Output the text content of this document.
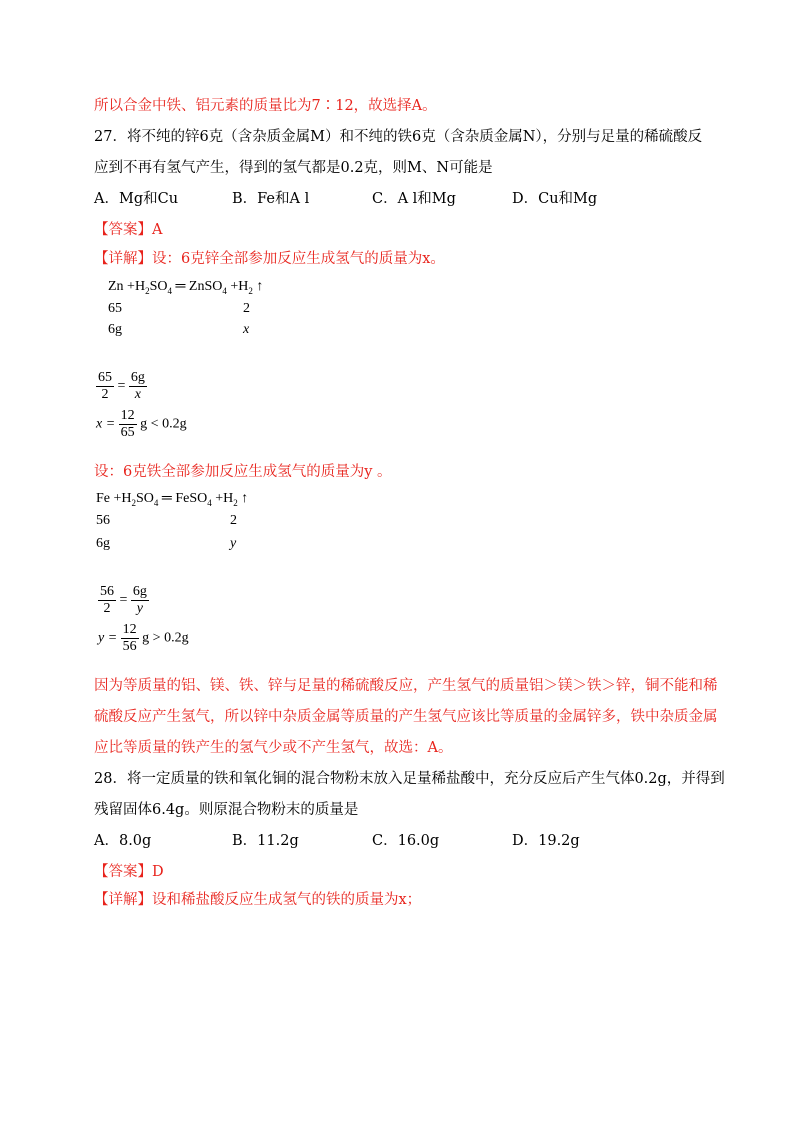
所以合金中铁、铝元素的质量比为7∶12，故选择A。
27．将不纯的锌6克（含杂质金属M）和不纯的铁6克（含杂质金属N），分别与足量的稀硫酸反
应到不再有氢气产生，得到的氢气都是0.2克，则M、N可能是
A．Mg和Cu	B．Fe和A l	C．A l和Mg	D．Cu和Mg
【答案】A
【详解】设：6克锌全部参加反应生成氢气的质量为x。
$Zn +H_2SO_4$ ═ ZnSO$_4$ $+H_2$ ↑
65	2
6g	x
$\frac{65}{2} = \frac{6g}{x}$
$x = \frac{12}{65}$ g < 0.2g
设：6克铁全部参加反应生成氢气的质量为y 。
$Fe +H_2SO_4$ ═ FeSO$_4$ $+H_2$ ↑
56	2
6g	y
$\frac{56}{2} = \frac{6g}{y}$
$y = \frac{12}{56}$ g > 0.2g
因为等质量的铝、镁、铁、锌与足量的稀硫酸反应，产生氢气的质量铝＞镁＞铁＞锌，铜不能和稀
硫酸反应产生氢气，所以锌中杂质金属等质量的产生氢气应该比等质量的金属锌多，铁中杂质金属
应比等质量的铁产生的氢气少或不产生氢气，故选：A。
28．将一定质量的铁和氧化铜的混合物粉末放入足量稀盐酸中，充分反应后产生气体0.2g，并得到
残留固体6.4g。则原混合物粉末的质量是
A．8.0g	B．11.2g	C．16.0g	D．19.2g
【答案】D
【详解】设和稀盐酸反应生成氢气的铁的质量为x；
